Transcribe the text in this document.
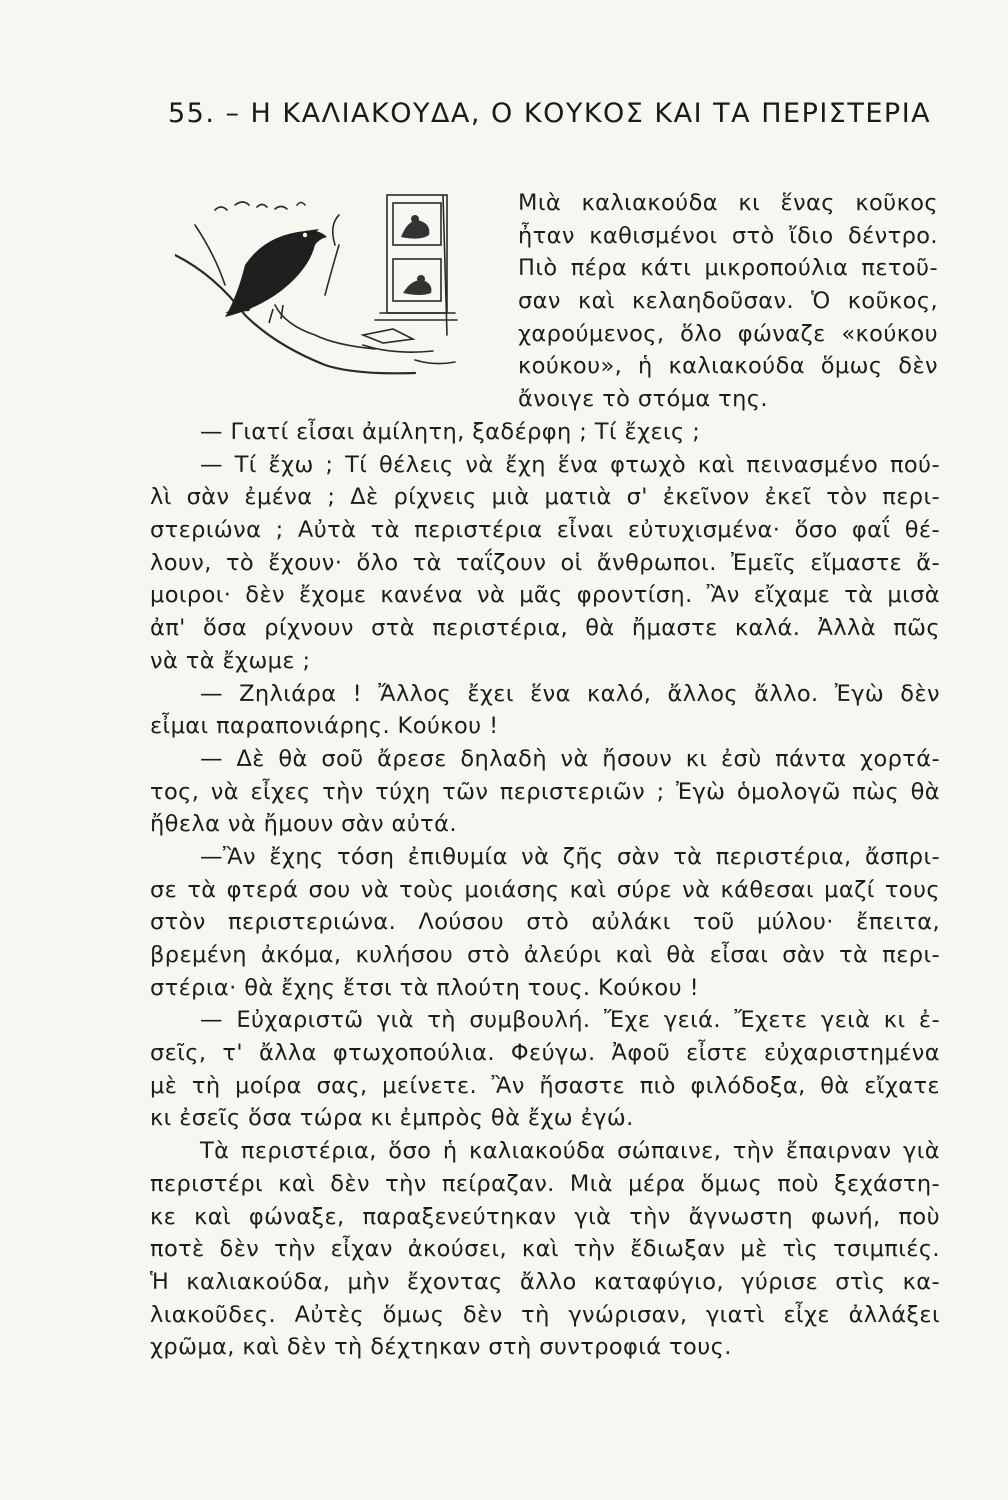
55. – Η ΚΑΛΙΑΚΟΥΔΑ, Ο ΚΟΥΚΟΣ ΚΑΙ ΤΑ ΠΕΡΙΣΤΕΡΙΑ
Μιὰ καλιακούδα κι ἕνας κοῦκος
ἦταν καθισμένοι στὸ ἴδιο δέντρο.
Πιὸ πέρα κάτι μικροπούλια πετοῦ-
σαν καὶ κελαηδοῦσαν. Ὁ κοῦκος,
χαρούμενος, ὅλο φώναζε «κούκου
κούκου», ἡ καλιακούδα ὅμως δὲν
ἄνοιγε τὸ στόμα της.
— Γιατί εἶσαι ἀμίλητη, ξαδέρφη ; Τί ἔχεις ;
— Τί ἔχω ; Τί θέλεις νὰ ἔχη ἕνα φτωχὸ καὶ πεινασμένο πού-
λὶ σὰν ἐμένα ; Δὲ ρίχνεις μιὰ ματιὰ σ' ἐκεῖνον ἐκεῖ τὸν περι-
στεριώνα ; Αὐτὰ τὰ περιστέρια εἶναι εὐτυχισμένα· ὅσο φαΐ θέ-
λουν, τὸ ἔχουν· ὅλο τὰ ταΐζουν οἱ ἄνθρωποι. Ἐμεῖς εἴμαστε ἄ-
μοιροι· δὲν ἔχομε κανένα νὰ μᾶς φροντίση. Ἂν εἴχαμε τὰ μισὰ
ἀπ' ὅσα ρίχνουν στὰ περιστέρια, θὰ ἤμαστε καλά. Ἀλλὰ πῶς
νὰ τὰ ἔχωμε ;
— Ζηλιάρα ! Ἄλλος ἔχει ἕνα καλό, ἄλλος ἄλλο. Ἐγὼ δὲν
εἶμαι παραπονιάρης. Κούκου !
— Δὲ θὰ σοῦ ἄρεσε δηλαδὴ νὰ ἤσουν κι ἐσὺ πάντα χορτά-
τος, νὰ εἶχες τὴν τύχη τῶν περιστεριῶν ; Ἐγὼ ὁμολογῶ πὼς θὰ
ἤθελα νὰ ἤμουν σὰν αὐτά.
—Ἂν ἔχης τόση ἐπιθυμία νὰ ζῆς σὰν τὰ περιστέρια, ἄσπρι-
σε τὰ φτερά σου νὰ τοὺς μοιάσης καὶ σύρε νὰ κάθεσαι μαζί τους
στὸν περιστεριώνα. Λούσου στὸ αὐλάκι τοῦ μύλου· ἔπειτα,
βρεμένη ἀκόμα, κυλήσου στὸ ἀλεύρι καὶ θὰ εἶσαι σὰν τὰ περι-
στέρια· θὰ ἔχης ἔτσι τὰ πλούτη τους. Κούκου !
— Εὐχαριστῶ γιὰ τὴ συμβουλή. Ἔχε γειά. Ἔχετε γειὰ κι ἐ-
σεῖς, τ' ἄλλα φτωχοπούλια. Φεύγω. Ἀφοῦ εἶστε εὐχαριστημένα
μὲ τὴ μοίρα σας, μείνετε. Ἂν ἤσαστε πιὸ φιλόδοξα, θὰ εἴχατε
κι ἐσεῖς ὅσα τώρα κι ἐμπρὸς θὰ ἔχω ἐγώ.
Τὰ περιστέρια, ὅσο ἡ καλιακούδα σώπαινε, τὴν ἔπαιρναν γιὰ
περιστέρι καὶ δὲν τὴν πείραζαν. Μιὰ μέρα ὅμως ποὺ ξεχάστη-
κε καὶ φώναξε, παραξενεύτηκαν γιὰ τὴν ἄγνωστη φωνή, ποὺ
ποτὲ δὲν τὴν εἶχαν ἀκούσει, καὶ τὴν ἔδιωξαν μὲ τὶς τσιμπιές.
Ἡ καλιακούδα, μὴν ἔχοντας ἄλλο καταφύγιο, γύρισε στὶς κα-
λιακοῦδες. Αὐτὲς ὅμως δὲν τὴ γνώρισαν, γιατὶ εἶχε ἀλλάξει
χρῶμα, καὶ δὲν τὴ δέχτηκαν στὴ συντροφιά τους.
